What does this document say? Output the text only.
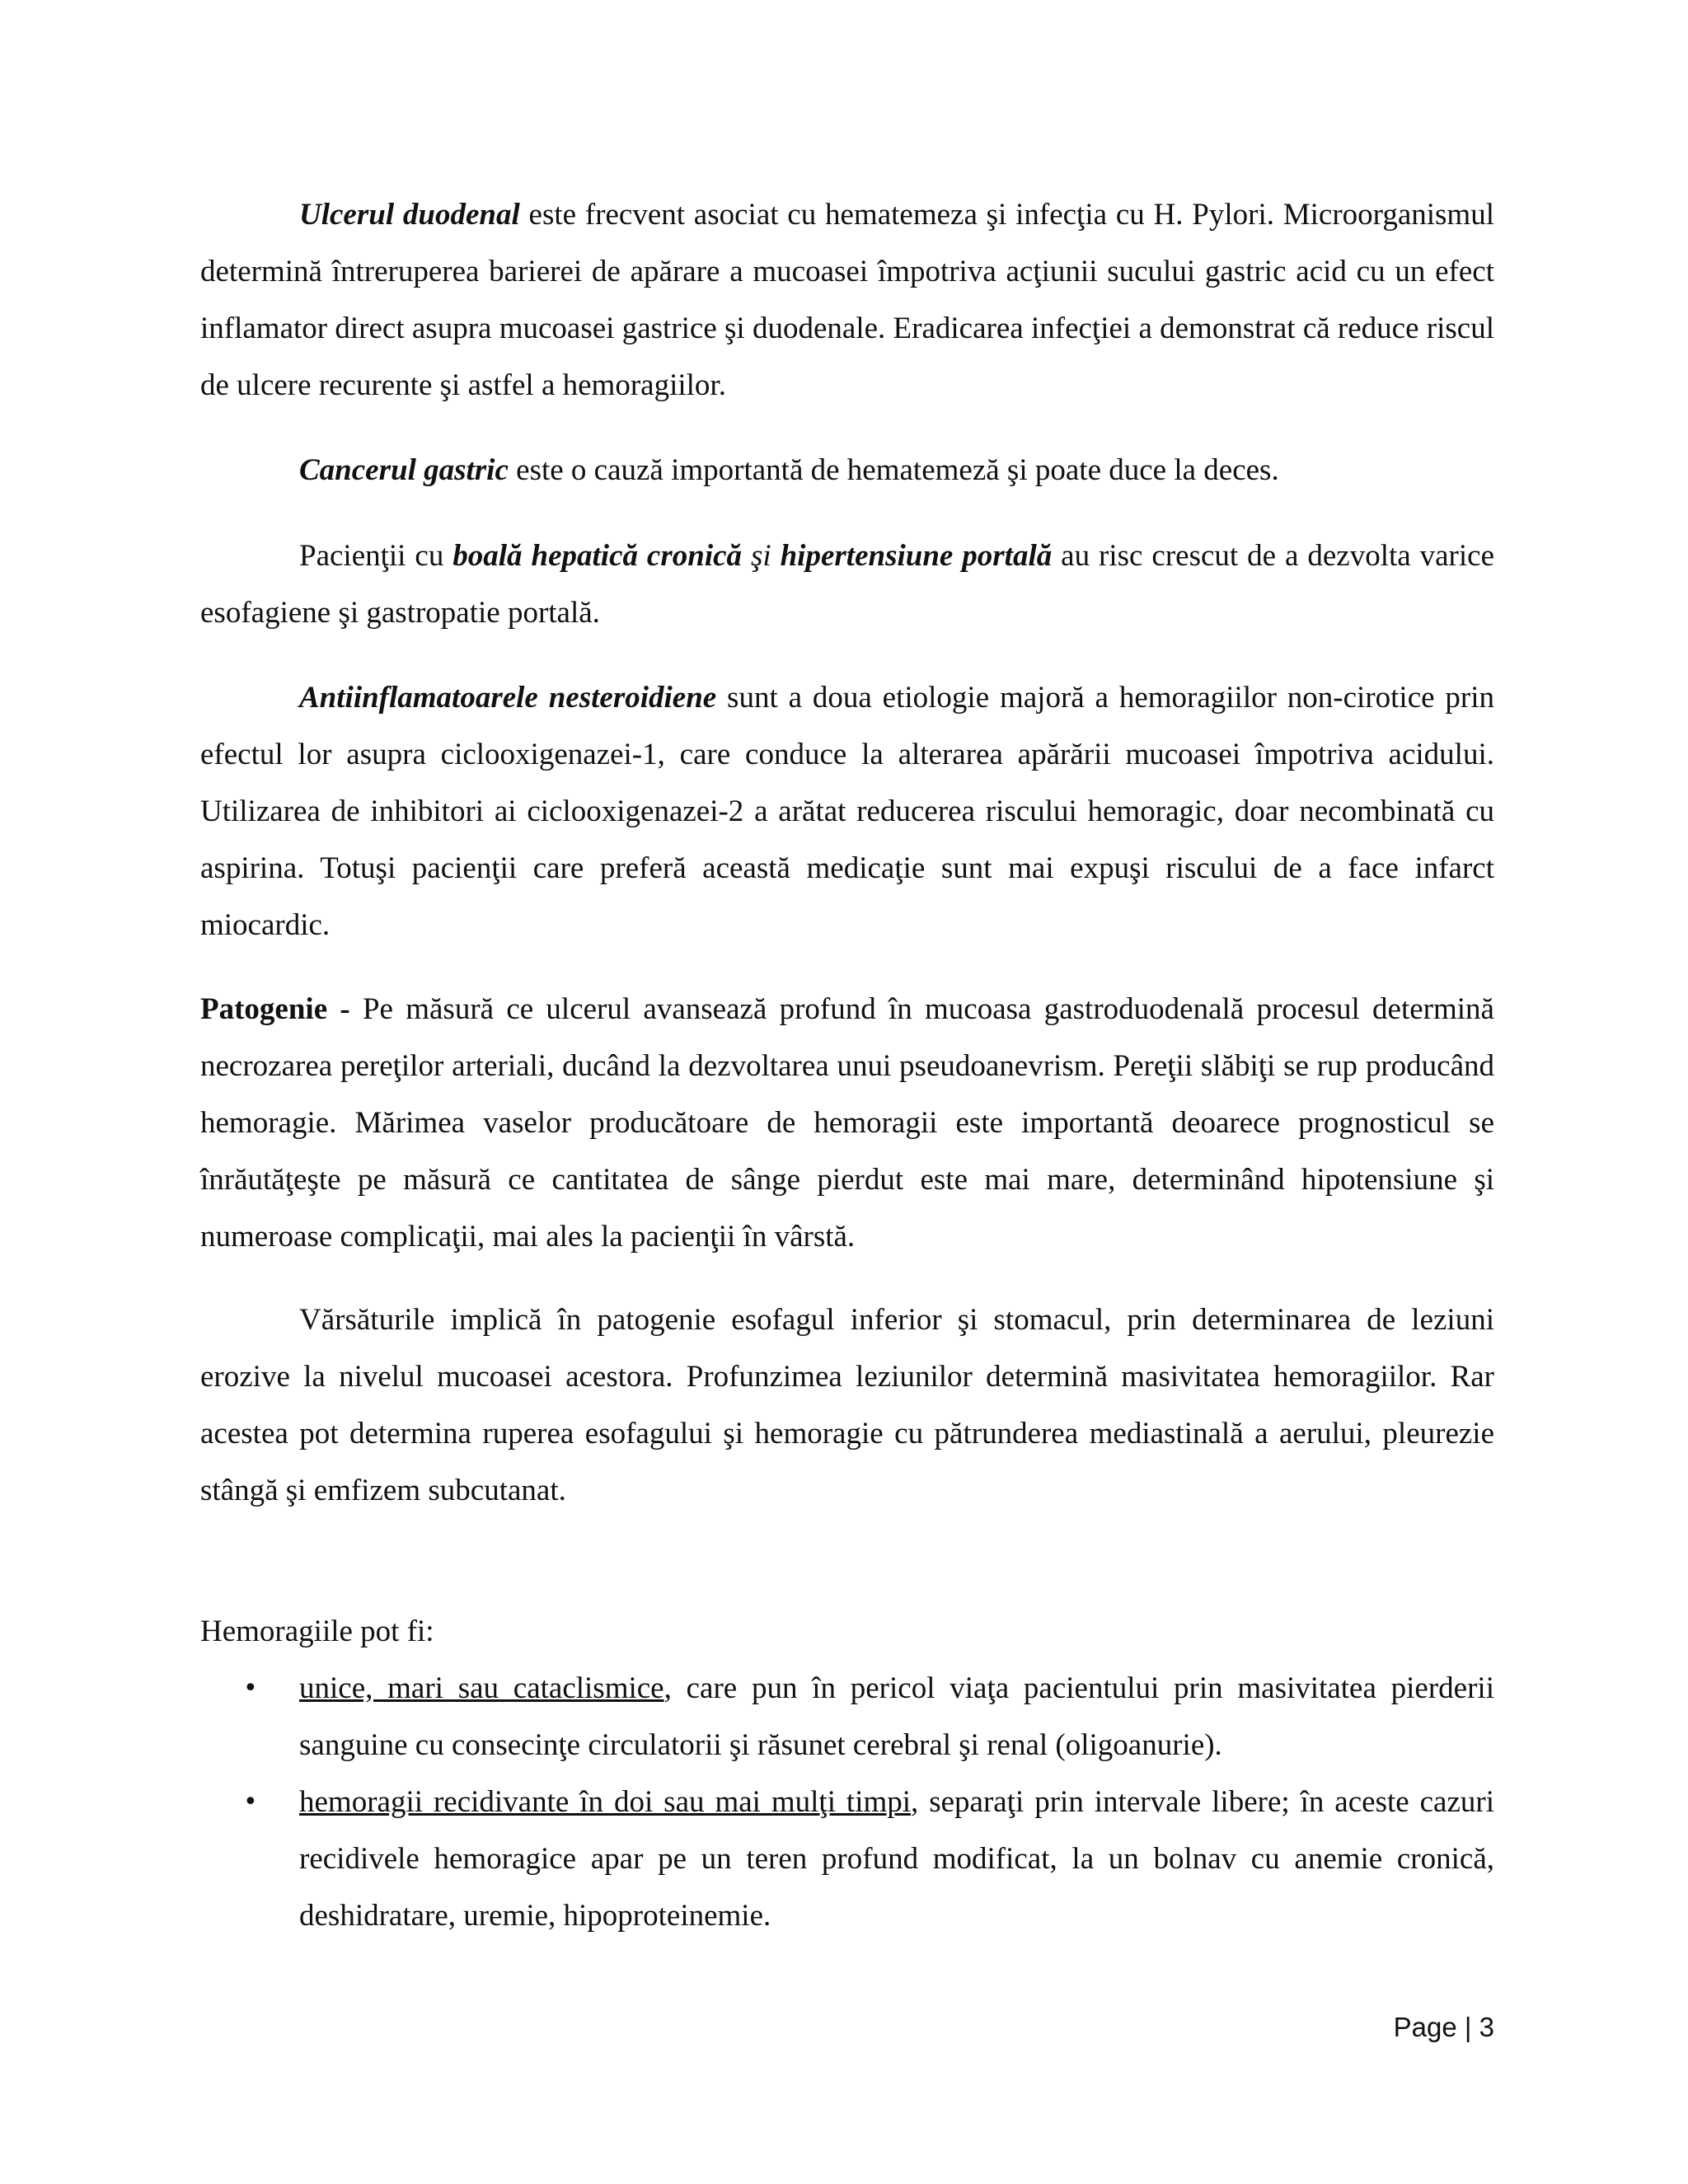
Ulcerul duodenal este frecvent asociat cu hematemeza şi infecţia cu H. Pylori. Microorganismul determină întreruperea barierei de apărare a mucoasei împotriva acţiunii sucului gastric acid cu un efect inflamator direct asupra mucoasei gastrice şi duodenale. Eradicarea infecţiei a demonstrat că reduce riscul de ulcere recurente şi astfel a hemoragiilor.

Cancerul gastric este o cauză importantă de hematemeză şi poate duce la deces.

Pacienţii cu boală hepatică cronică şi hipertensiune portală au risc crescut de a dezvolta varice esofagiene şi gastropatie portală.

Antiinflamatoarele nesteroidiene sunt a doua etiologie majoră a hemoragiilor non-cirotice prin efectul lor asupra ciclooxigenazei-1, care conduce la alterarea apărării mucoasei împotriva acidului. Utilizarea de inhibitori ai ciclooxigenazei-2 a arătat reducerea riscului hemoragic, doar necombinată cu aspirina. Totuşi pacienţii care preferă această medicaţie sunt mai expuşi riscului de a face infarct miocardic.

Patogenie - Pe măsură ce ulcerul avansează profund în mucoasa gastroduodenală procesul determină necrozarea pereţilor arteriali, ducând la dezvoltarea unui pseudoanevrism. Pereţii slăbiţi se rup producând hemoragie. Mărimea vaselor producătoare de hemoragii este importantă deoarece prognosticul se înrăutăţeşte pe măsură ce cantitatea de sânge pierdut este mai mare, determinând hipotensiune şi numeroase complicaţii, mai ales la pacienţii în vârstă.

Vărsăturile implică în patogenie esofagul inferior şi stomacul, prin determinarea de leziuni erozive la nivelul mucoasei acestora. Profunzimea leziunilor determină masivitatea hemoragiilor. Rar acestea pot determina ruperea esofagului şi hemoragie cu pătrunderea mediastinală a aerului, pleurezie stângă şi emfizem subcutanat.

Hemoragiile pot fi:

• unice, mari sau cataclismice, care pun în pericol viaţa pacientului prin masivitatea pierderii sanguine cu consecinţe circulatorii şi răsunet cerebral şi renal (oligoanurie).
• hemoragii recidivante în doi sau mai mulţi timpi, separaţi prin intervale libere; în aceste cazuri recidivele hemoragice apar pe un teren profund modificat, la un bolnav cu anemie cronică, deshidratare, uremie, hipoproteinemie.
Page | 3
